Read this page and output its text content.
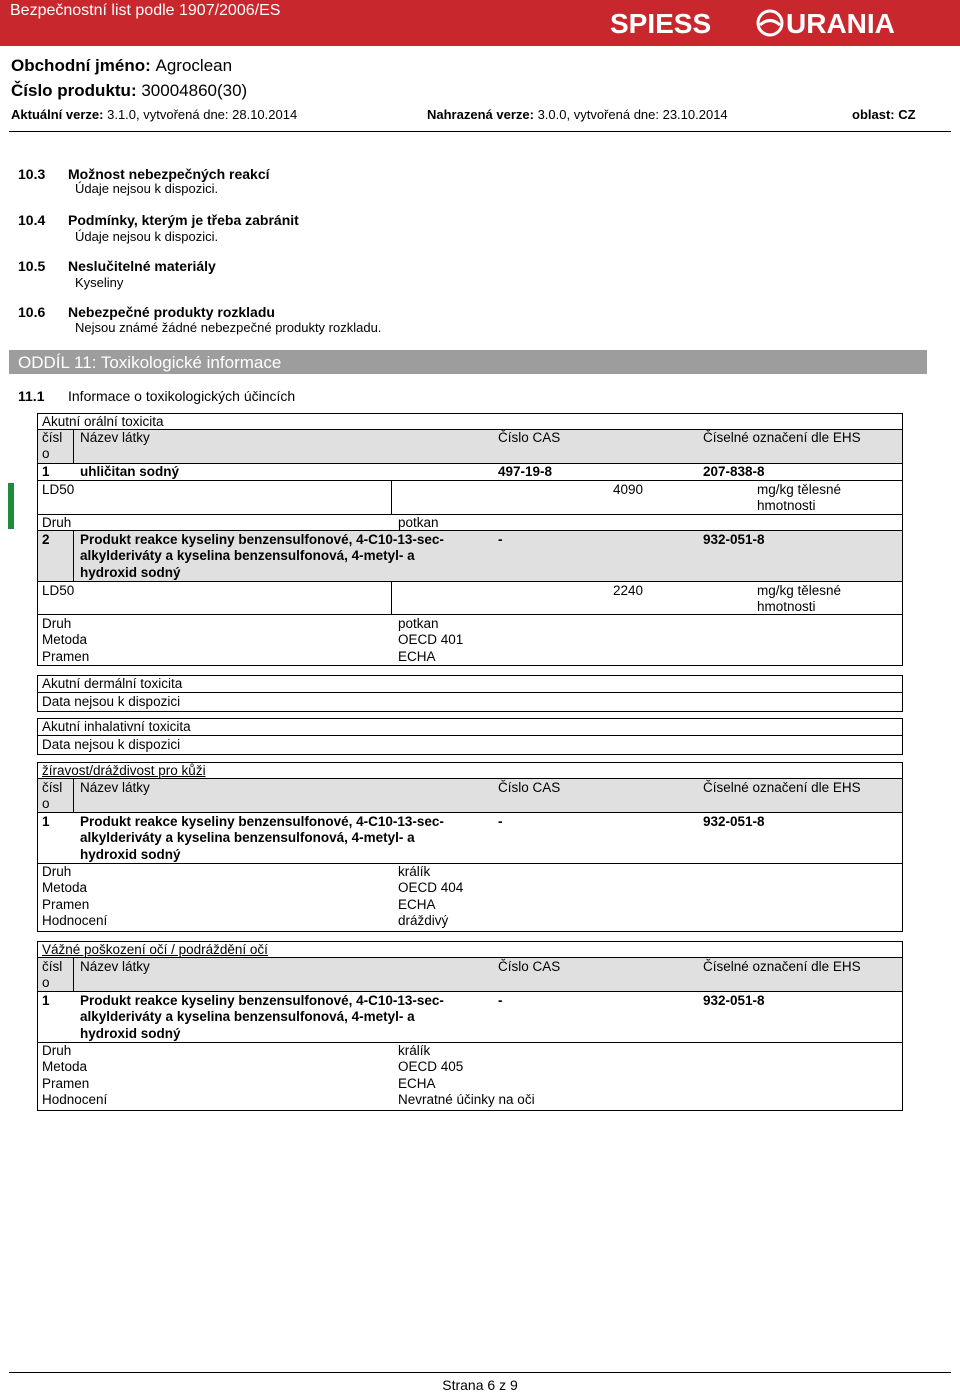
Bezpečnostní list podle 1907/2006/ES	SPIESS	URANIA
Obchodní jméno: Agroclean
Číslo produktu: 30004860(30)
Aktuální verze: 3.1.0, vytvořená dne: 28.10.2014	Nahrazená verze: 3.0.0, vytvořená dne: 23.10.2014	oblast: CZ
10.3 Možnost nebezpečných reakcí
Údaje nejsou k dispozici.
10.4 Podmínky, kterým je třeba zabránit
Údaje nejsou k dispozici.
10.5 Neslučitelné materiály
Kyseliny
10.6 Nebezpečné produkty rozkladu
Nejsou známé žádné nebezpečné produkty rozkladu.
ODDÍL 11: Toxikologické informace
11.1 Informace o toxikologických účincích
Akutní orální toxicita
čísl
o
Název látky	Číslo CAS	Číselné označení dle EHS
1 uhličitan sodný	497-19-8	207-838-8
LD50	4090	mg/kg tělesné
hmotnosti
Druh	potkan
2 Produkt reakce kyseliny benzensulfonové, 4-C10-13-sec-
alkylderiváty a kyselina benzensulfonová, 4-metyl- a
hydroxid sodný
-	932-051-8
LD50	2240	mg/kg tělesné
hmotnosti
Druh	potkan
Metoda	OECD 401
Pramen	ECHA
Akutní dermální toxicita
Data nejsou k dispozici
Akutní inhalativní toxicita
Data nejsou k dispozici
žíravost/dráždivost pro kůži
čísl
o
Název látky	Číslo CAS	Číselné označení dle EHS
1 Produkt reakce kyseliny benzensulfonové, 4-C10-13-sec-
alkylderiváty a kyselina benzensulfonová, 4-metyl- a
hydroxid sodný
-	932-051-8
Druh	králík
Metoda	OECD 404
Pramen	ECHA
Hodnocení	dráždivý
Vážné poškození očí / podráždění očí
čísl
o
Název látky	Číslo CAS	Číselné označení dle EHS
1 Produkt reakce kyseliny benzensulfonové, 4-C10-13-sec-
alkylderiváty a kyselina benzensulfonová, 4-metyl- a
hydroxid sodný
-	932-051-8
Druh	králík
Metoda	OECD 405
Pramen	ECHA
Hodnocení	Nevratné účinky na oči
Strana 6 z 9
